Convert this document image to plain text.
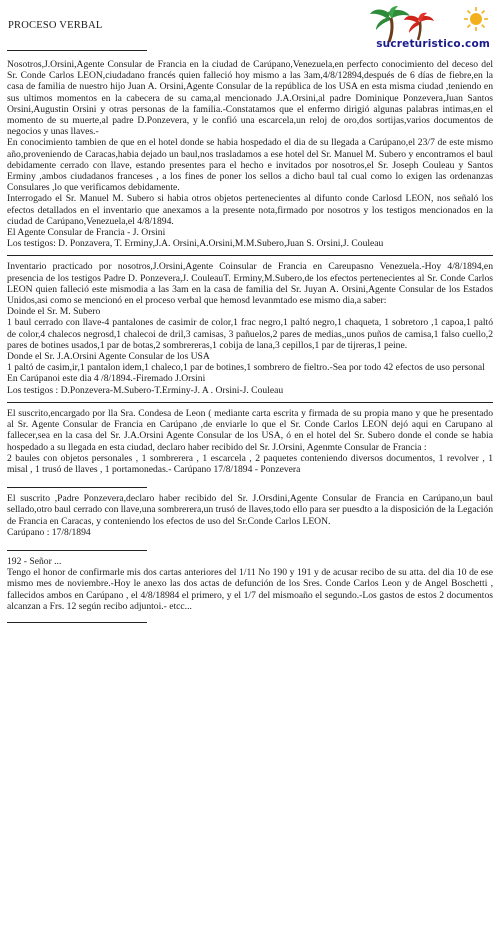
PROCESO VERBAL
sucreturistico.com

Nosotros,J.Orsini,Agente Consular de Francia en la ciudad de Carúpano,Venezuela,en perfecto conocimiento del deceso del Sr. Conde Carlos LEON,ciudadano francés quien falleció hoy mismo a las 3am,4/8/12894,después de 6 días de fiebre,en la casa de familia de nuestro hijo Juan A. Orsini,Agente Consular de la república de los USA en esta misma ciudad ,teniendo en sus ultimos momentos en la cabecera de su cama,al mencionado J.A.Orsini,al padre Dominique Ponzevera,Juan Santos Orsini,Augustin Orsini y otras personas de la familia.-Constatamos que el enfermo dirigió algunas palabras intimas,en el momento de su muerte,al padre D.Ponzevera, y le confió una escarcela,un reloj de oro,dos sortijas,varios documentos de negocios y unas llaves.-

En conocimiento tambien de que en el hotel donde se habia hospedado el dia de su llegada a Carúpano,el 23/7 de este mismo año,proveniendo de Caracas,habia dejado un baul,nos trasladamos a ese hotel del Sr. Manuel M. Subero y encontramos el baul debidamente cerrado con llave, estando presentes para el hecho e invitados por nosotros,el Sr. Joseph Couleau y Santos Erminy ,ambos ciudadanos franceses , a los fines de poner los sellos a dicho baul tal cual como lo exigen las ordenanzas Consulares ,lo que verificamos debidamente.

Interrogado el Sr. Manuel M. Subero si habia otros objetos pertenecientes al difunto conde Carlosd LEON, nos señaló los efectos detallados en el inventario que anexamos a la presente nota,firmado por nosotros y los testigos mencionados en la ciudad de Carúpano,Venezuela,el 4/8/1894.

El Agente Consular de Francia - J. Orsini

Los testigos: D. Ponzavera, T. Erminy,J.A. Orsini,A.Orsini,M.M.Subero,Juan S. Orsini,J. Couleau

Inventario practicado por nosotros,J.Orsini,Agente Coinsular de Francia en Careupasno Venezuela.-Hoy 4/8/1894,en presencia de los testigos Padre D. Ponzevera,J. CouleauT. Erminy,M.Subero,de los efectos pertenecientes al Sr. Conde Carlos LEON quien falleció este mismodia a las 3am en la casa de familia del Sr. Juyan A. Orsini,Agente Consular de los Estados Unidos,asi como se mencionó en el proceso verbal que hemosd levanmtado ese mismo dia,a saber:

Doinde el Sr. M. Subero

1 baul cerrado con llave-4 pantalones de casimir de color,1 frac negro,1 paltó negro,1 chaqueta, 1 sobretoro ,1 capoa,1 paltó de color,4 chalecos negrosd,1 chalecoi de dril,3 camisas, 3 pañuelos,2 pares de medias,,unos puños de camisa,1 falso cuello,2 pares de botines usados,1 par de botas,2 sombrereras,1 cobija de lana,3 cepillos,1 par de tijreras,1 peine.

Donde el Sr. J.A.Orsini Agente Consular de los USA

1 paltó de casim,ir,1 pantalon idem,1 chaleco,1 par de botines,1 sombrero de fieltro.-Sea por todo 42 efectos de uso personal

En Carúpanoi este dia 4 /8/1894.-Firemado J.Orsini

Los testigos : D.Ponzevera-M.Subero-T.Erminy-J. A . Orsini-J. Couleau

El suscrito,encargado por lla Sra. Condesa de Leon ( mediante carta escrita y firmada de su propia mano y que he presentado al Sr. Agente Consular de Francia en Carúpano ,de enviarle lo que el Sr. Conde Carlos LEON dejó aqui en Carupano al fallecer,sea en la casa del Sr. J.A.Orsini Agente Consular de los USA, ó en el hotel del Sr. Subero donde el conde se habia hospedado a su llegada en esta ciudad, declaro haber recibido del Sr. J.Orsini, Agenmte Consular de Francia :

2 baules con objetos personales , 1 sombrerera , 1 escarcela , 2 paquetes conteniendo diversos documentos, 1 revolver , 1 misal , 1 trusó de llaves , 1 portamonedas.- Carúpano 17/8/1894 - Ponzevera

El suscrito ,Padre Ponzevera,declaro haber recibido del Sr. J.Orsdini,Agente Consular de Francia en Carúpano,un baul sellado,otro baul cerrado con llave,una sombrerera,un trusó de llaves,todo ello para ser puesdto a la disposición de la Legación de Francia en Caracas, y conteniendo los efectos de uso del Sr.Conde Carlos LEON.

Carúpano : 17/8/1894

192 - Señor ...

Tengo el honor de confirmarle mis dos cartas anteriores del 1/11 No 190 y 191 y de acusar recibo de su atta. del dia 10 de ese mismo mes de noviembre.-Hoy le anexo las dos actas de defunción de los Sres. Conde Carlos Leon y de Angel Boschetti , fallecidos ambos en Carúpano , el 4/8/18984 el primero, y el 1/7 del mismoaño el segundo.-Los gastos de estos 2 documentos alcanzan a Frs. 12 según recibo adjuntoi.- etcc...
